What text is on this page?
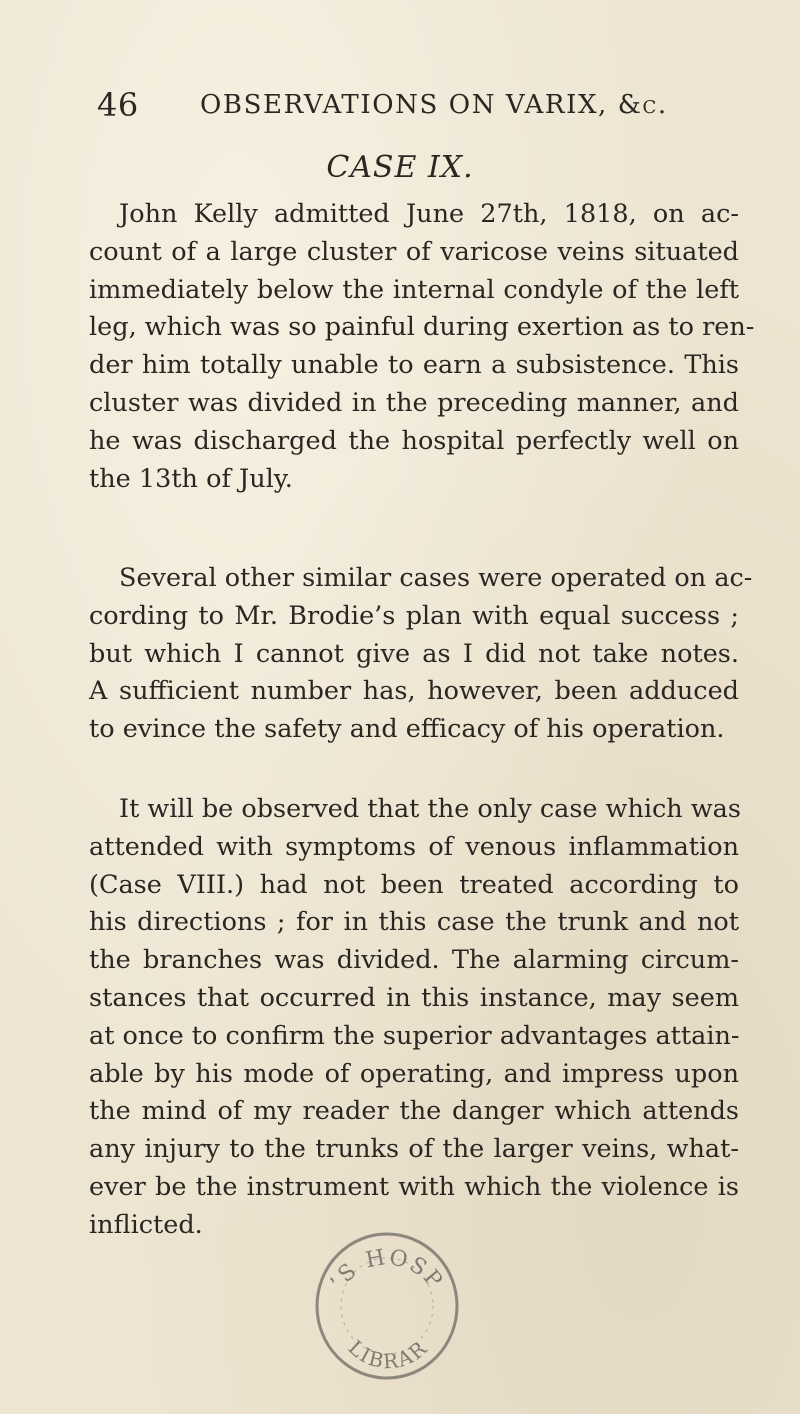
46 OBSERVATIONS ON VARIX, &c.
CASE IX.

John Kelly admitted June 27th, 1818, on ac-
count of a large cluster of varicose veins situated
immediately below the internal condyle of the left
leg, which was so painful during exertion as to ren-
der him totally unable to earn a subsistence. This
cluster was divided in the preceding manner, and
he was discharged the hospital perfectly well on
the 13th of July.

Several other similar cases were operated on ac-
cording to Mr. Brodie’s plan with equal success ;
but which I cannot give as I did not take notes.
A sufficient number has, however, been adduced
to evince the safety and efficacy of his operation.

It will be observed that the only case which was
attended with symptoms of venous inflammation
(Case VIII.) had not been treated according to
his directions ; for in this case the trunk and not
the branches was divided. The alarming circum-
stances that occurred in this instance, may seem
at once to confirm the superior advantages attain-
able by his mode of operating, and impress upon
the mind of my reader the danger which attends
any injury to the trunks of the larger veins, what-
ever be the instrument with which the violence is
inflicted.

’S HOSP
LIBRAR
